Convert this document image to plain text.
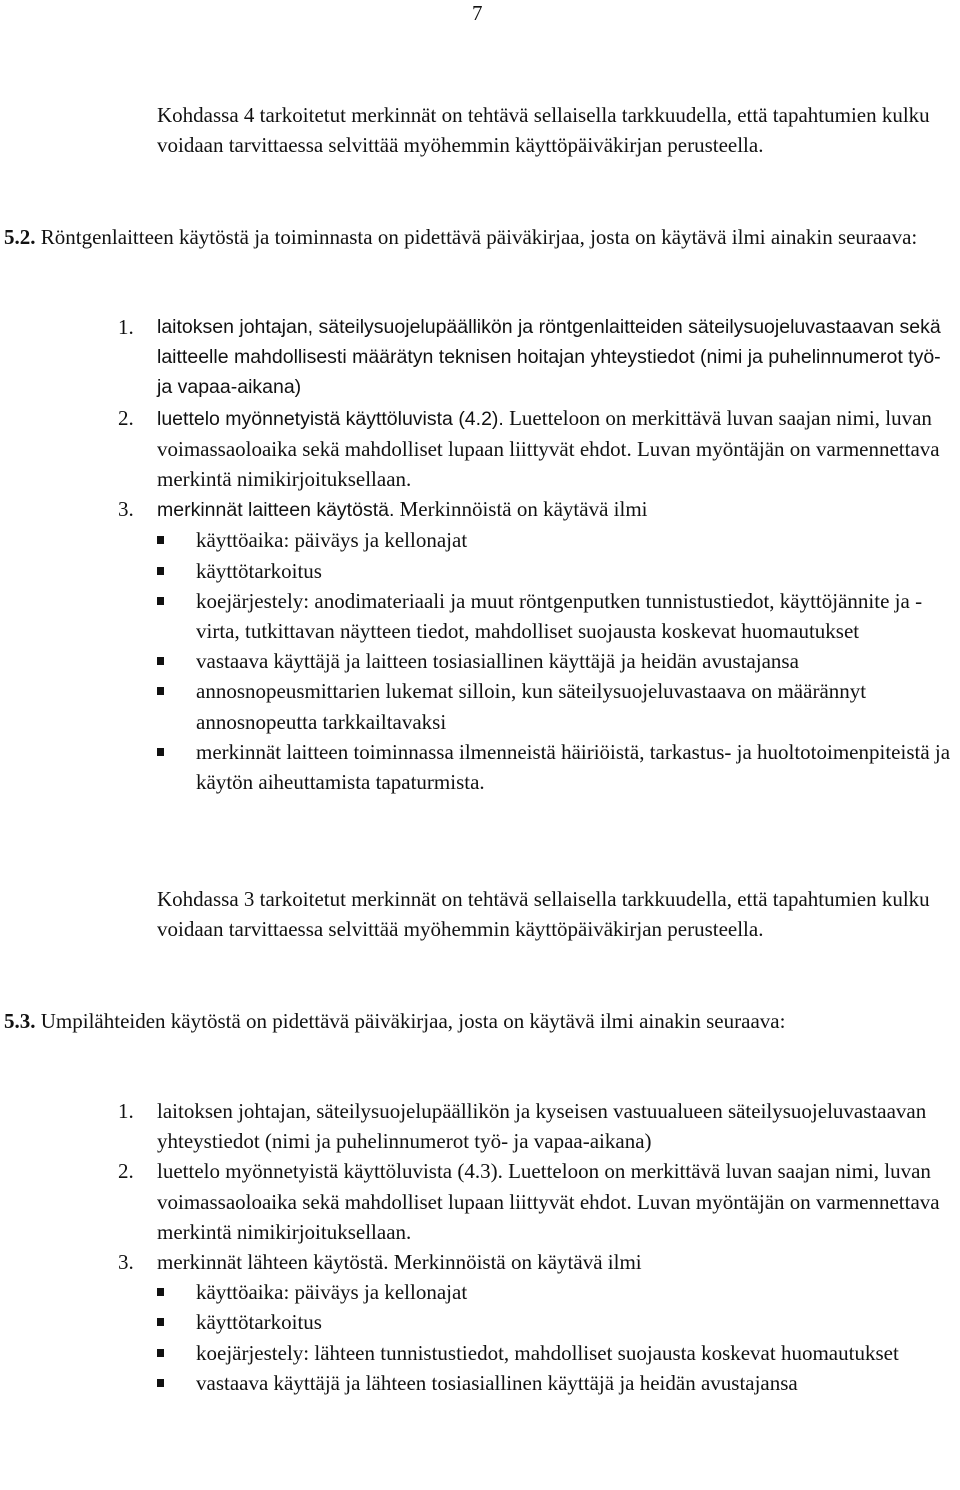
7

Kohdassa 4 tarkoitetut merkinnät on tehtävä sellaisella tarkkuudella, että tapahtumien kulku voidaan tarvittaessa selvittää myöhemmin käyttöpäiväkirjan perusteella.

5.2. Röntgenlaitteen käytöstä ja toiminnasta on pidettävä päiväkirjaa, josta on käytävä ilmi ainakin seuraava:

1. laitoksen johtajan, säteilysuojelupäällikön ja röntgenlaitteiden säteilysuojeluvastaavan sekä laitteelle mahdollisesti määrätyn teknisen hoitajan yhteystiedot (nimi ja puhelinnumerot työ- ja vapaa-aikana)
2. luettelo myönnetyistä käyttöluvista (4.2). Luetteloon on merkittävä luvan saajan nimi, luvan voimassaoloaika sekä mahdolliset lupaan liittyvät ehdot. Luvan myöntäjän on varmennettava merkintä nimikirjoituksellaan.
3. merkinnät laitteen käytöstä. Merkinnöistä on käytävä ilmi
käyttöaika: päiväys ja kellonajat
käyttötarkoitus
koejärjestely: anodimateriaali ja muut röntgenputken tunnistustiedot, käyttöjännite ja -virta, tutkittavan näytteen tiedot, mahdolliset suojausta koskevat huomautukset
vastaava käyttäjä ja laitteen tosiasiallinen käyttäjä ja heidän avustajansa
annosnopeusmittarien lukemat silloin, kun säteilysuojeluvastaava on määrännyt annosnopeutta tarkkailtavaksi
merkinnät laitteen toiminnassa ilmenneistä häiriöistä, tarkastus- ja huoltotoimenpiteistä ja käytön aiheuttamista tapaturmista.

Kohdassa 3 tarkoitetut merkinnät on tehtävä sellaisella tarkkuudella, että tapahtumien kulku voidaan tarvittaessa selvittää myöhemmin käyttöpäiväkirjan perusteella.

5.3. Umpilähteiden käytöstä on pidettävä päiväkirjaa, josta on käytävä ilmi ainakin seuraava:

1. laitoksen johtajan, säteilysuojelupäällikön ja kyseisen vastuualueen säteilysuojeluvastaavan yhteystiedot (nimi ja puhelinnumerot työ- ja vapaa-aikana)
2. luettelo myönnetyistä käyttöluvista (4.3). Luetteloon on merkittävä luvan saajan nimi, luvan voimassaoloaika sekä mahdolliset lupaan liittyvät ehdot. Luvan myöntäjän on varmennettava merkintä nimikirjoituksellaan.
3. merkinnät lähteen käytöstä. Merkinnöistä on käytävä ilmi
käyttöaika: päiväys ja kellonajat
käyttötarkoitus
koejärjestely: lähteen tunnistustiedot, mahdolliset suojausta koskevat huomautukset
vastaava käyttäjä ja lähteen tosiasiallinen käyttäjä ja heidän avustajansa
